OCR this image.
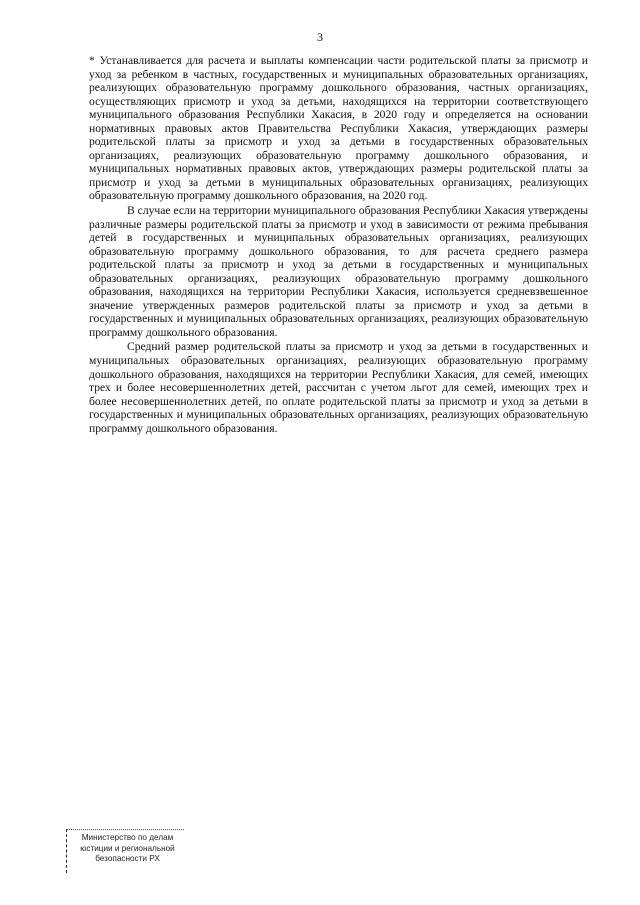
3

* Устанавливается для расчета и выплаты компенсации части родительской платы за присмотр и уход за ребенком в частных, государственных и муниципальных образовательных организациях, реализующих образовательную программу дошкольного образования, частных организациях, осуществляющих присмотр и уход за детьми, находящихся на территории соответствующего муниципального образования Республики Хакасия, в 2020 году и определяется на основании нормативных правовых актов Правительства Республики Хакасия, утверждающих размеры родительской платы за присмотр и уход за детьми в государственных образовательных организациях, реализующих образовательную программу дошкольного образования, и муниципальных нормативных правовых актов, утверждающих размеры родительской платы за присмотр и уход за детьми в муниципальных образовательных организациях, реализующих образовательную программу дошкольного образования, на 2020 год.

В случае если на территории муниципального образования Республики Хакасия утверждены различные размеры родительской платы за присмотр и уход в зависимости от режима пребывания детей в государственных и муниципальных образовательных организациях, реализующих образовательную программу дошкольного образования, то для расчета среднего размера родительской платы за присмотр и уход за детьми в государственных и муниципальных образовательных организациях, реализующих образовательную программу дошкольного образования, находящихся на территории Республики Хакасия, используется средневзвешенное значение утвержденных размеров родительской платы за присмотр и уход за детьми в государственных и муниципальных образовательных организациях, реализующих образовательную программу дошкольного образования.

Средний размер родительской платы за присмотр и уход за детьми в государственных и муниципальных образовательных организациях, реализующих образовательную программу дошкольного образования, находящихся на территории Республики Хакасия, для семей, имеющих трех и более несовершеннолетних детей, рассчитан с учетом льгот для семей, имеющих трех и более несовершеннолетних детей, по оплате родительской платы за присмотр и уход за детьми в государственных и муниципальных образовательных организациях, реализующих образовательную программу дошкольного образования.

Министерство по делам
юстиции и региональной
безопасности РХ
